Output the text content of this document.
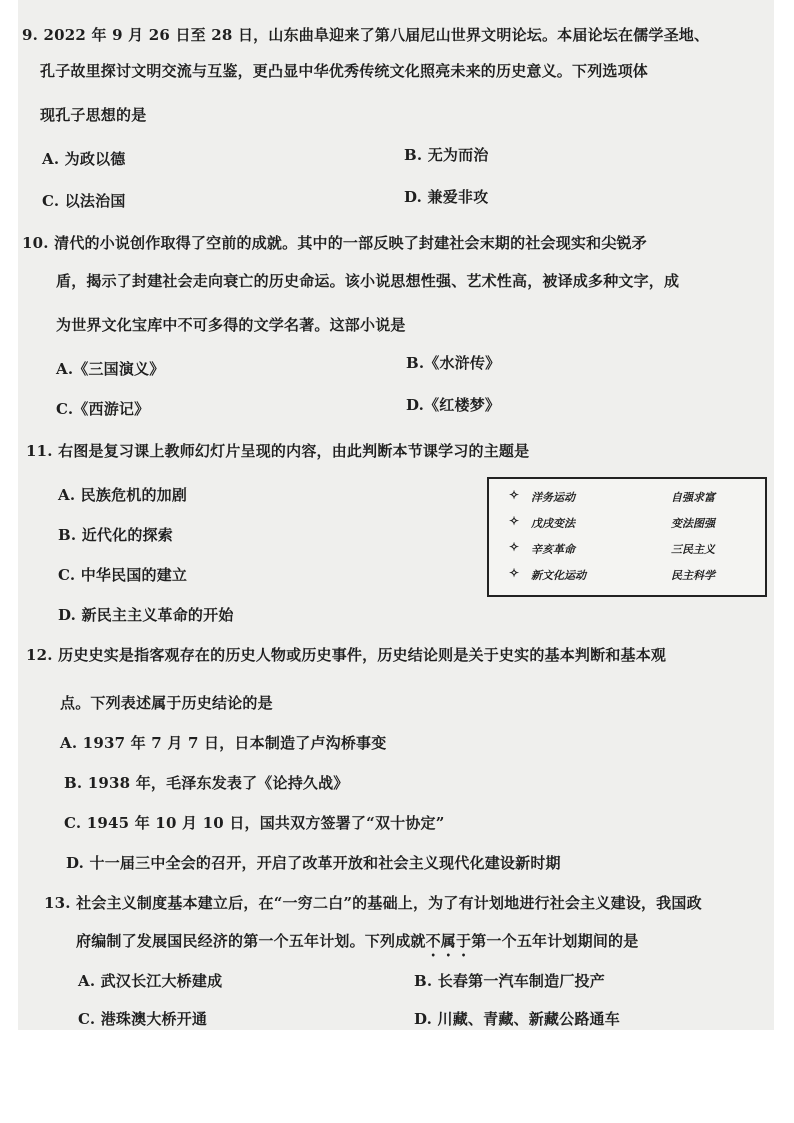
9. 2022 年 9 月 26 日至 28 日，山东曲阜迎来了第八届尼山世界文明论坛。本届论坛在儒学圣地、
孔子故里探讨文明交流与互鉴，更凸显中华优秀传统文化照亮未来的历史意义。下列选项体
现孔子思想的是
A. 为政以德	B. 无为而治
C. 以法治国	D. 兼爱非攻
10. 清代的小说创作取得了空前的成就。其中的一部反映了封建社会末期的社会现实和尖锐矛
盾，揭示了封建社会走向衰亡的历史命运。该小说思想性强、艺术性高，被译成多种文字，成
为世界文化宝库中不可多得的文学名著。这部小说是
A.《三国演义》	B.《水浒传》
C.《西游记》	D.《红楼梦》
11. 右图是复习课上教师幻灯片呈现的内容，由此判断本节课学习的主题是
A. 民族危机的加剧
B. 近代化的探索
C. 中华民国的建立
D. 新民主主义革命的开始
✧ 洋务运动	自强求富
✧ 戊戌变法	变法图强
✧ 辛亥革命	三民主义
✧ 新文化运动	民主科学
12. 历史史实是指客观存在的历史人物或历史事件，历史结论则是关于史实的基本判断和基本观
点。下列表述属于历史结论的是
A. 1937 年 7 月 7 日，日本制造了卢沟桥事变
B. 1938 年，毛泽东发表了《论持久战》
C. 1945 年 10 月 10 日，国共双方签署了“双十协定”
D. 十一届三中全会的召开，开启了改革开放和社会主义现代化建设新时期
13. 社会主义制度基本建立后，在“一穷二白”的基础上，为了有计划地进行社会主义建设，我国政
府编制了发展国民经济的第一个五年计划。下列成就不属于第一个五年计划期间的是
A. 武汉长江大桥建成	B. 长春第一汽车制造厂投产
C. 港珠澳大桥开通	D. 川藏、青藏、新藏公路通车
